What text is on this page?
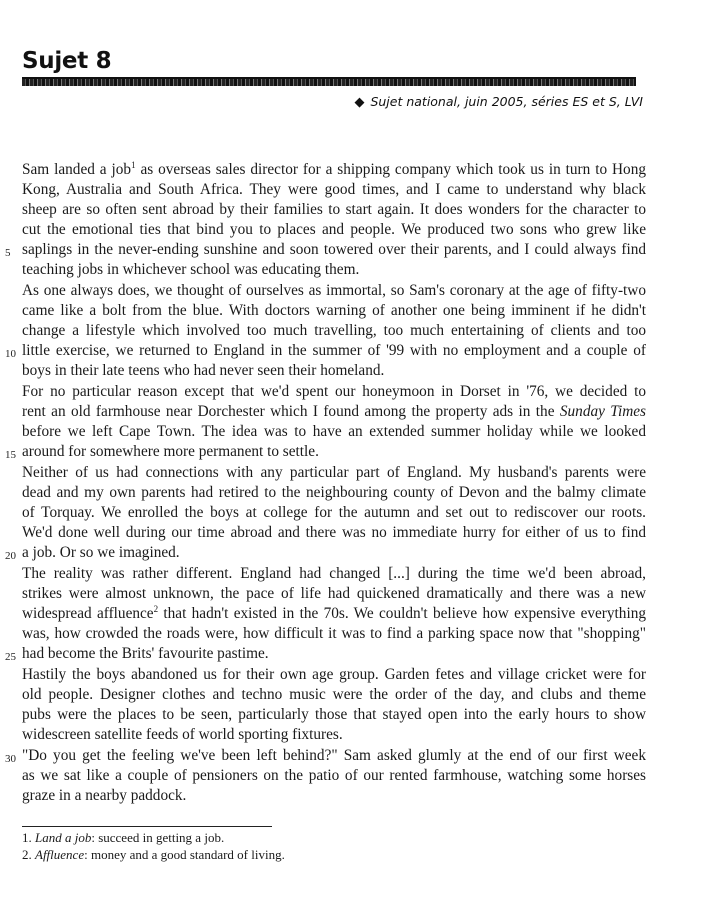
Sujet 8
◆ Sujet national, juin 2005, séries ES et S, LVI
Sam landed a job$^1$ as overseas sales director for a shipping company which took us in turn to Hong
Kong, Australia and South Africa. They were good times, and I came to understand why black
sheep are so often sent abroad by their families to start again. It does wonders for the character to
cut the emotional ties that bind you to places and people. We produced two sons who grew like
5 saplings in the never-ending sunshine and soon towered over their parents, and I could always find
teaching jobs in whichever school was educating them.
As one always does, we thought of ourselves as immortal, so Sam's coronary at the age of fifty-two
came like a bolt from the blue. With doctors warning of another one being imminent if he didn't
change a lifestyle which involved too much travelling, too much entertaining of clients and too
10 little exercise, we returned to England in the summer of '99 with no employment and a couple of
boys in their late teens who had never seen their homeland.
For no particular reason except that we'd spent our honeymoon in Dorset in '76, we decided to
rent an old farmhouse near Dorchester which I found among the property ads in the Sunday Times
before we left Cape Town. The idea was to have an extended summer holiday while we looked
15 around for somewhere more permanent to settle.
Neither of us had connections with any particular part of England. My husband's parents were
dead and my own parents had retired to the neighbouring county of Devon and the balmy climate
of Torquay. We enrolled the boys at college for the autumn and set out to rediscover our roots.
We'd done well during our time abroad and there was no immediate hurry for either of us to find
20 a job. Or so we imagined.
The reality was rather different. England had changed [...] during the time we'd been abroad,
strikes were almost unknown, the pace of life had quickened dramatically and there was a new
widespread affluence$^2$ that hadn't existed in the 70s. We couldn't believe how expensive everything
was, how crowded the roads were, how difficult it was to find a parking space now that "shopping"
25 had become the Brits' favourite pastime.
Hastily the boys abandoned us for their own age group. Garden fetes and village cricket were for
old people. Designer clothes and techno music were the order of the day, and clubs and theme
pubs were the places to be seen, particularly those that stayed open into the early hours to show
widescreen satellite feeds of world sporting fixtures.
30 "Do you get the feeling we've been left behind?" Sam asked glumly at the end of our first week
as we sat like a couple of pensioners on the patio of our rented farmhouse, watching some horses
graze in a nearby paddock.
1. Land a job: succeed in getting a job.
2. Affluence: money and a good standard of living.
